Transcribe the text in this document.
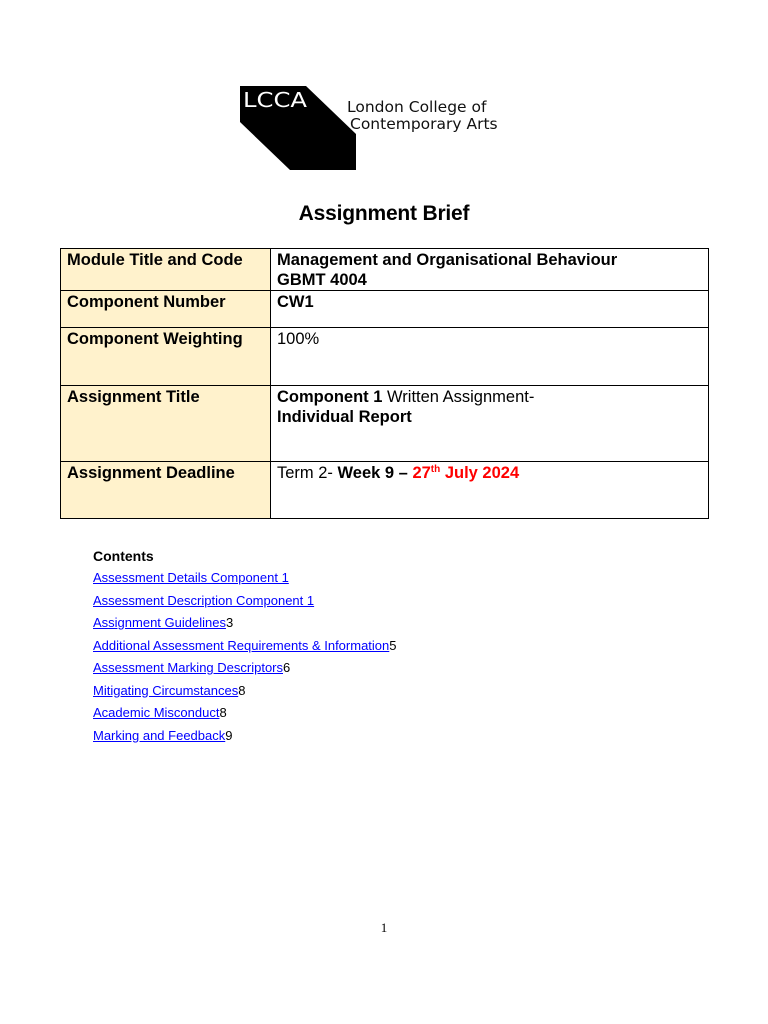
LCCA	London College of
Contemporary Arts
Assignment Brief
Module Title and Code	Management and Organisational Behaviour
GBMT 4004

Component Number	CW1
Component Weighting	100%
Assignment Title	Component 1 Written Assignment-
Individual Report

Assignment Deadline	Term 2- Week 9 – 27th July 2024
Contents
Assessment Details Component 1
Assessment Description Component 1
Assignment Guidelines3
Additional Assessment Requirements & Information5
Assessment Marking Descriptors6
Mitigating Circumstances8
Academic Misconduct8
Marking and Feedback9
1
